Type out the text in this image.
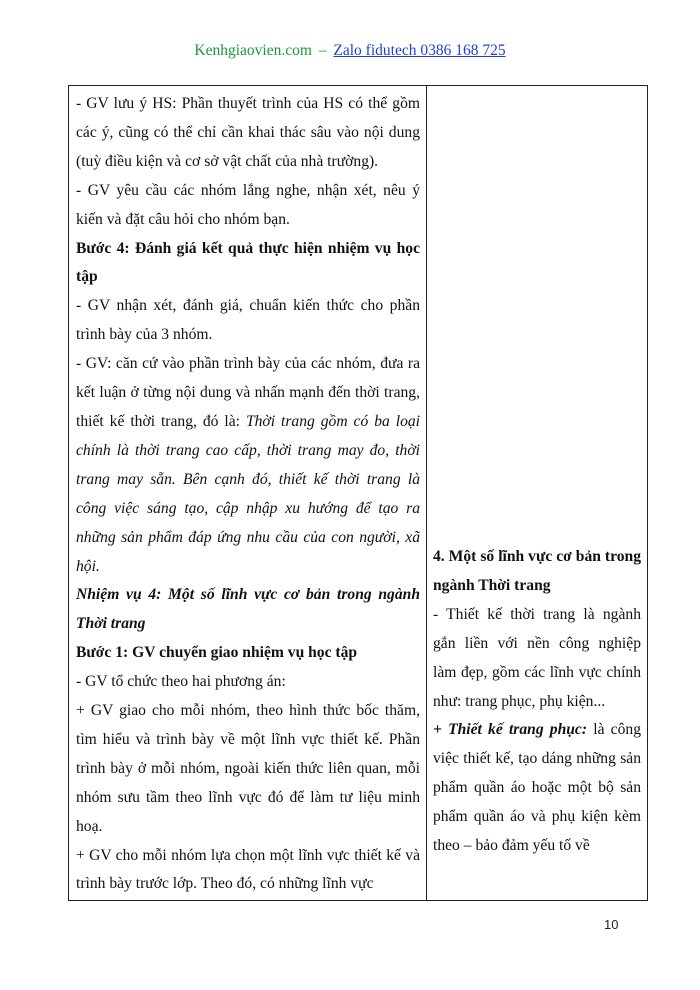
Kenhgiaovien.com – Zalo fidutech 0386 168 725

- GV lưu ý HS: Phần thuyết trình của HS có thể gồm các ý, cũng có thể chỉ cần khai thác sâu vào nội dung (tuỳ điều kiện và cơ sở vật chất của nhà trường).

- GV yêu cầu các nhóm lắng nghe, nhận xét, nêu ý kiến và đặt câu hỏi cho nhóm bạn.

Bước 4: Đánh giá kết quả thực hiện nhiệm vụ học tập

- GV nhận xét, đánh giá, chuẩn kiến thức cho phần trình bày của 3 nhóm.

- GV: căn cứ vào phần trình bày của các nhóm, đưa ra kết luận ở từng nội dung và nhấn mạnh đến thời trang, thiết kế thời trang, đó là: Thời trang gồm có ba loại chính là thời trang cao cấp, thời trang may đo, thời trang may sẵn. Bên cạnh đó, thiết kế thời trang là công việc sáng tạo, cập nhập xu hướng để tạo ra những sản phẩm đáp ứng nhu cầu của con người, xã hội.

Nhiệm vụ 4: Một số lĩnh vực cơ bản trong ngành Thời trang

Bước 1: GV chuyển giao nhiệm vụ học tập

- GV tổ chức theo hai phương án:

+ GV giao cho mỗi nhóm, theo hình thức bốc thăm, tìm hiểu và trình bày về một lĩnh vực thiết kế. Phần trình bày ở mỗi nhóm, ngoài kiến thức liên quan, mỗi nhóm sưu tầm theo lĩnh vực đó để làm tư liệu minh hoạ.

+ GV cho mỗi nhóm lựa chọn một lĩnh vực thiết kế và trình bày trước lớp. Theo đó, có những lĩnh vực

4. Một số lĩnh vực cơ bản trong ngành Thời trang

- Thiết kế thời trang là ngành gắn liền với nền công nghiệp làm đẹp, gồm các lĩnh vực chính như: trang phục, phụ kiện...

+ Thiết kế trang phục: là công việc thiết kế, tạo dáng những sản phẩm quần áo hoặc một bộ sản phẩm quần áo và phụ kiện kèm theo – bảo đảm yếu tố về

10
